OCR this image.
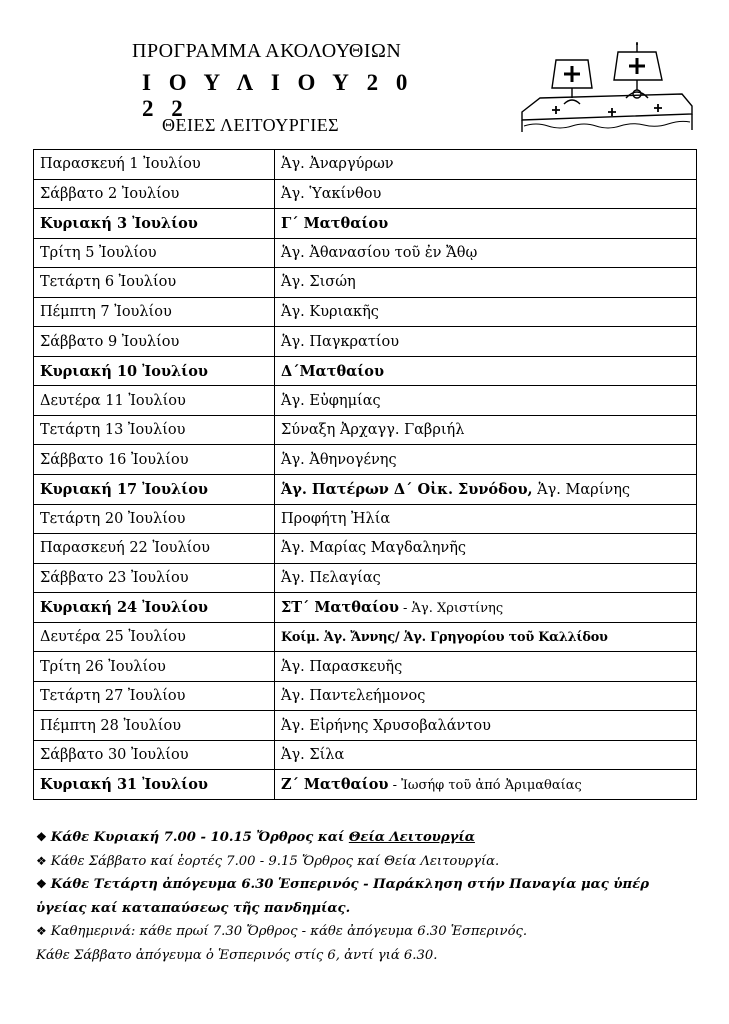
ΠΡΟΓΡΑΜΜΑ ΑΚΟΛΟΥΘΙΩΝ
Ι Ο Υ Λ Ι Ο Υ 2 0 2 2
ΘΕΙΕΣ ΛΕΙΤΟΥΡΓΙΕΣ
Παρασκευή 1 Ἰουλίου	Ἁγ. Ἀναργύρων
Σάββατο 2 Ἰουλίου	Ἁγ. Ὑακίνθου
Κυριακή 3 Ἰουλίου	Γ΄ Ματθαίου
Τρίτη 5 Ἰουλίου	Ἁγ. Ἀθανασίου τοῦ ἐν Ἄθῳ
Τετάρτη 6 Ἰουλίου	Ἁγ. Σισώη
Πέμπτη 7 Ἰουλίου	Ἁγ. Κυριακῆς
Σάββατο 9 Ἰουλίου	Ἁγ. Παγκρατίου
Κυριακή 10 Ἰουλίου	Δ΄Ματθαίου
Δευτέρα 11 Ἰουλίου	Ἁγ. Εὐφημίας
Τετάρτη 13 Ἰουλίου	Σύναξη Ἀρχαγγ. Γαβριήλ
Σάββατο 16 Ἰουλίου	Ἁγ. Ἀθηνογένης
Κυριακή 17 Ἰουλίου	Ἁγ. Πατέρων Δ΄ Οἰκ. Συνόδου, Ἁγ. Μαρίνης
Τετάρτη 20 Ἰουλίου	Προφήτη Ἠλία
Παρασκευή 22 Ἰουλίου	Ἁγ. Μαρίας Μαγδαληνῆς
Σάββατο 23 Ἰουλίου	Ἁγ. Πελαγίας
Κυριακή 24 Ἰουλίου	ΣΤ΄ Ματθαίου - Ἁγ. Χριστίνης
Δευτέρα 25 Ἰουλίου	Κοίμ. Ἁγ. Ἄννης/ Ἁγ. Γρηγορίου τοῦ Καλλίδου
Τρίτη 26 Ἰουλίου	Ἁγ. Παρασκευῆς
Τετάρτη 27 Ἰουλίου	Ἁγ. Παντελεήμονος
Πέμπτη 28 Ἰουλίου	Ἁγ. Εἰρήνης Χρυσοβαλάντου
Σάββατο 30 Ἰουλίου	Ἁγ. Σίλα
Κυριακή 31 Ἰουλίου	Ζ΄ Ματθαίου - Ἰωσήφ τοῦ ἀπό Ἀριμαθαίας
❖ Κάθε Κυριακή 7.00 - 10.15 Ὄρθρος καί Θεία Λειτουργία
❖ Κάθε Σάββατο καί ἑορτές 7.00 - 9.15 Ὄρθρος καί Θεία Λειτουργία.
❖ Κάθε Τετάρτη ἀπόγευμα 6.30 Ἑσπερινός - Παράκληση στήν Παναγία μας ὑπέρ
ὑγείας καί καταπαύσεως τῆς πανδημίας.
❖ Καθημερινά: κάθε πρωί 7.30 Ὄρθρος - κάθε ἀπόγευμα 6.30 Ἑσπερινός.
Κάθε Σάββατο ἀπόγευμα ὁ Ἑσπερινός στίς 6, ἀντί γιά 6.30.
